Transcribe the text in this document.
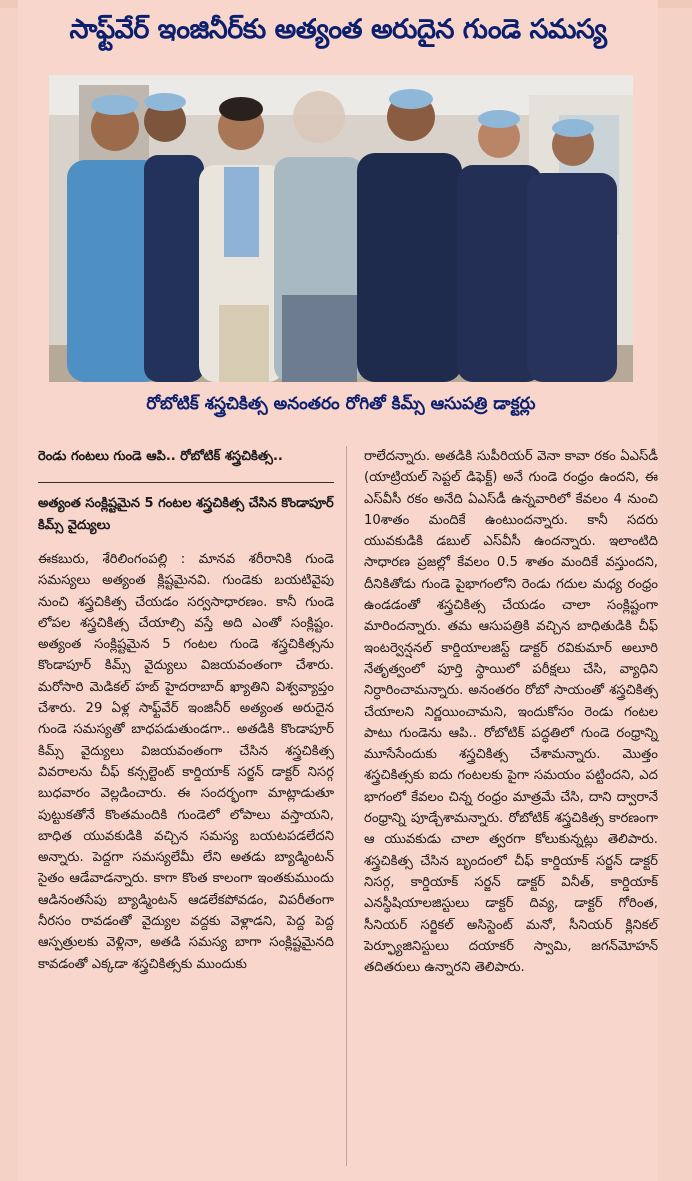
సాఫ్ట్‌వేర్ ఇంజినీర్‌కు అత్యంత అరుదైన గుండె సమస్య
రోబోటిక్ శస్త్రచికిత్స అనంతరం రోగితో కిమ్స్ ఆసుపత్రి డాక్టర్లు
రెండు గంటలు గుండె ఆపి.. రోబోటిక్ శస్త్రచికిత్స..
అత్యంత సంక్లిష్టమైన 5 గంటల శస్త్రచికిత్స చేసిన కొండాపూర్ కిమ్స్ వైద్యులు

ఈకబురు, శేరిలింగంపల్లి : మానవ శరీరానికి గుండె సమస్యలు అత్యంత క్లిష్టమైనవి. గుండెకు బయటివైపు నుంచి శస్త్రచికిత్స చేయడం సర్వసాధారణం. కానీ గుండె లోపల శస్త్రచికిత్స చేయాల్సి వస్తే అది ఎంతో సంక్లిష్టం. అత్యంత సంక్లిష్టమైన 5 గంటల గుండె శస్త్రచికిత్సను కొండాపూర్ కిమ్స్ వైద్యులు విజయవంతంగా చేశారు. మరోసారి మెడికల్ హబ్ హైదరాబాద్ ఖ్యాతిని విశ్వవ్యాప్తం చేశారు. 29 ఏళ్ల సాఫ్ట్‌వేర్ ఇంజినీర్ అత్యంత అరుదైన గుండె సమస్యతో బాధపడుతుండగా.. అతడికి కొండాపూర్ కిమ్స్ వైద్యులు విజయవంతంగా చేసిన శస్త్రచికిత్స వివరాలను చీఫ్ కన్సల్టెంట్ కార్డియాక్ సర్జన్ డాక్టర్ నిసర్గ బుధవారం వెల్లడించారు. ఈ సందర్భంగా మాట్లాడుతూ పుట్టుకతోనే కొంతమందికి గుండెలో లోపాలు వస్తాయని, బాధిత యువకుడికి వచ్చిన సమస్య బయటపడలేదని అన్నారు. పెద్దగా సమస్యలేమీ లేని అతడు బ్యాడ్మింటన్ సైతం ఆడేవాడన్నారు. కాగా కొంత కాలంగా ఇంతకుముందు ఆడినంతసేపు బ్యాడ్మింటన్ ఆడలేకపోవడం, విపరీతంగా నీరసం రావడంతో వైద్యుల వద్దకు వెళ్లాడని, పెద్ద పెద్ద ఆస్పత్రులకు వెళ్లినా, అతడి సమస్య బాగా సంక్లిష్టమైనది కావడంతో ఎక్కడా శస్త్రచికిత్సకు ముందుకు

రాలేదన్నారు. అతడికి సుపీరియర్ వెనా కావా రకం ఏఎస్‌డీ (యాట్రియల్ సెప్టల్ డిఫెక్ట్) అనే గుండె రంధ్రం ఉందని, ఈ ఎస్‌వీసీ రకం అనేది ఏఎస్‌డీ ఉన్నవారిలో కేవలం 4 నుంచి 10శాతం మందికే ఉంటుందన్నారు. కానీ సదరు యువకుడికి డబుల్ ఎస్‌వీసీ ఉందన్నారు. ఇలాంటిది సాధారణ ప్రజల్లో కేవలం 0.5 శాతం మందికే వస్తుందని, దీనికితోడు గుండె పైభాగంలోని రెండు గదుల మధ్య రంధ్రం ఉండడంతో శస్త్రచికిత్స చేయడం చాలా సంక్లిష్టంగా మారిందన్నారు. తమ ఆసుపత్రికి వచ్చిన బాధితుడికి చీఫ్ ఇంటర్వెన్షనల్ కార్డియాలజిస్ట్ డాక్టర్ రవికుమార్ అలూరి నేతృత్వంలో పూర్తి స్థాయిలో పరీక్షలు చేసి, వ్యాధిని నిర్ధారించామన్నారు. అనంతరం రోబో సాయంతో శస్త్రచికిత్స చేయాలని నిర్ణయించామని, ఇందుకోసం రెండు గంటల పాటు గుండెను ఆపి.. రోబోటిక్ పద్ధతిలో గుండె రంధ్రాన్ని మూసేసేందుకు శస్త్రచికిత్స చేశామన్నారు. మొత్తం శస్త్రచికిత్సకు ఐదు గంటలకు పైగా సమయం పట్టిందని, ఎద భాగంలో కేవలం చిన్న రంధ్రం మాత్రమే చేసి, దాని ద్వారానే రంధ్రాన్ని పూడ్చేశామన్నారు. రోబోటిక్ శస్త్రచికిత్స కారణంగా ఆ యువకుడు చాలా త్వరగా కోలుకున్నట్లు తెలిపారు. శస్త్రచికిత్స చేసిన బృందంలో చీఫ్ కార్డియాక్ సర్జన్ డాక్టర్ నిసర్గ, కార్డియాక్ సర్జన్ డాక్టర్ వినీత్, కార్డియాక్ ఎనస్థీషియాలజిస్టులు డాక్టర్ దివ్య, డాక్టర్ గోరింత, సీనియర్ సర్జికల్ అసిస్టెంట్ మనో, సీనియర్ క్లినికల్ పెర్ఫ్యూజినిస్టులు దయాకర్ స్వామి, జగన్‌మోహన్ తదితరులు ఉన్నారని తెలిపారు.
